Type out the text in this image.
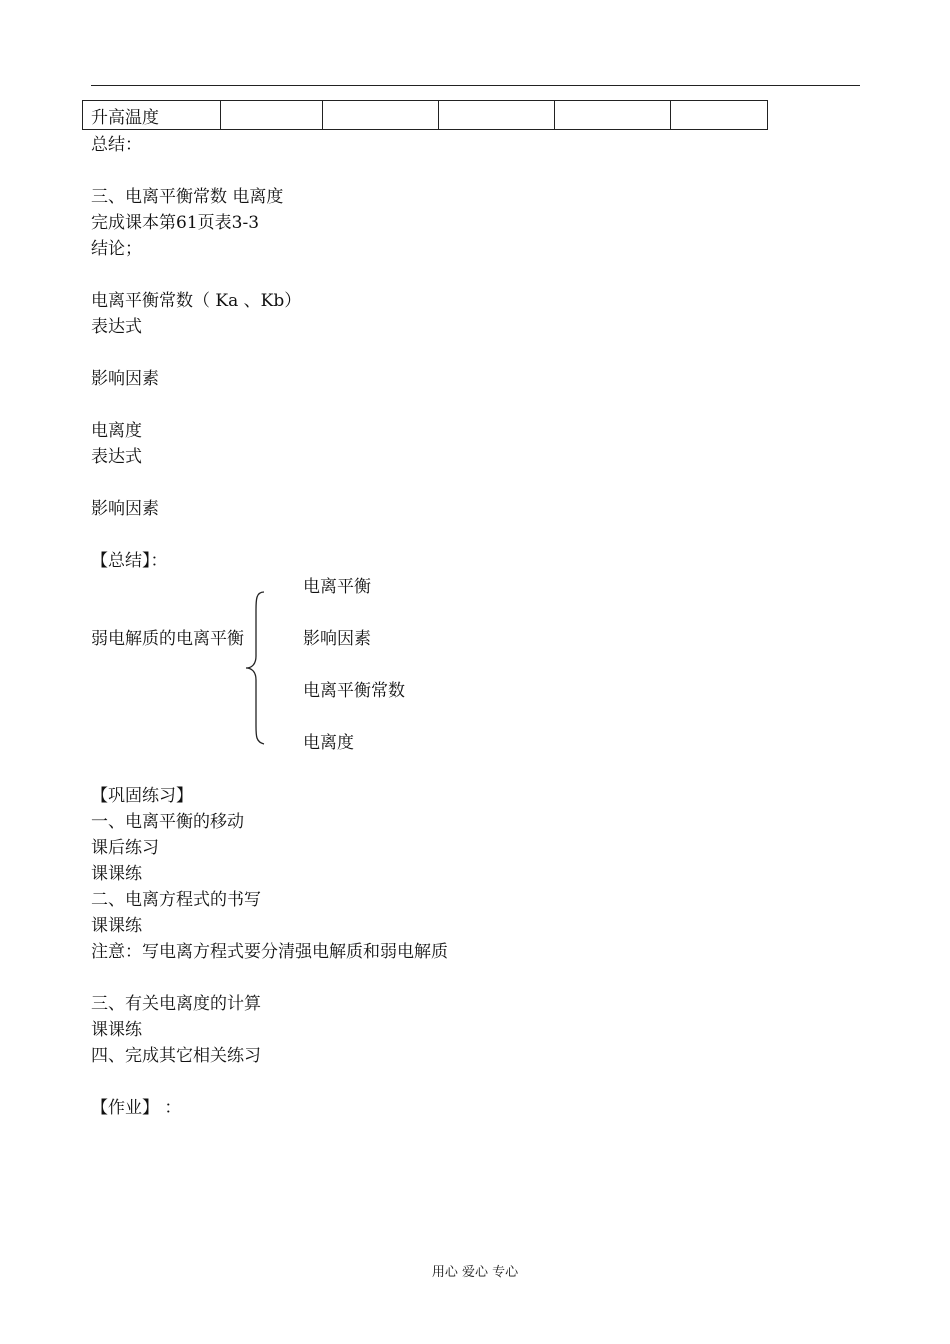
升高温度					
总结：
三、电离平衡常数 电离度
完成课本第61页表3-3
结论；
电离平衡常数（ Ka 、Kb）
表达式
影响因素
电离度
表达式
影响因素
【总结】：
弱电解质的电离平衡
电离平衡
影响因素
电离平衡常数
电离度
【巩固练习】
一、电离平衡的移动
课后练习
课课练
二、电离方程式的书写
课课练
注意：写电离方程式要分清强电解质和弱电解质
三、有关电离度的计算
课课练
四、完成其它相关练习
【作业】 ：
用心 爱心 专心
